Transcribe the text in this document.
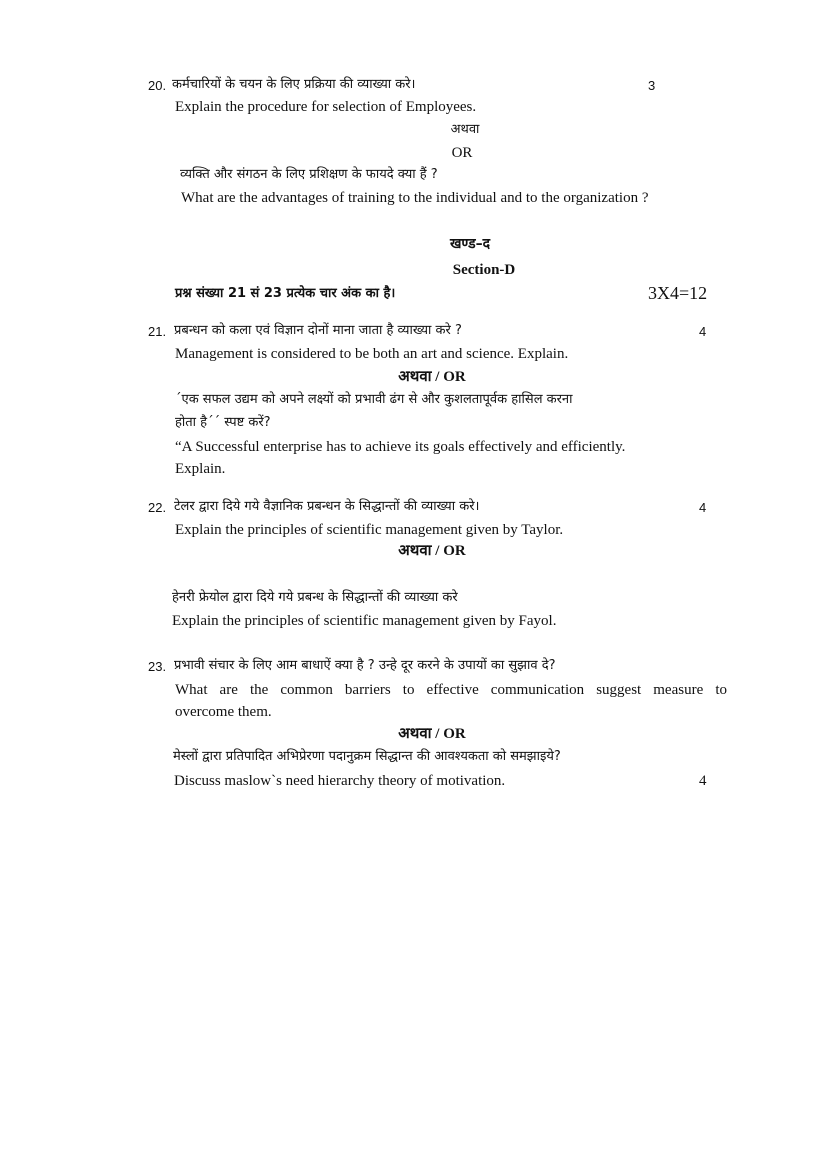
20. कर्मचारियों के चयन के लिए प्रक्रिया की व्याख्या करे।	3
Explain the procedure for selection of Employees.
अथवा
OR
व्यक्ति और संगठन के लिए प्रशिक्षण के फायदे क्या हैं ?
What are the advantages of training to the individual and to the organization ?
खण्ड–द
Section-D
प्रश्न संख्या 21 सं 23 प्रत्येक चार अंक का है।	3X4=12
21. प्रबन्धन को कला एवं विज्ञान दोनों माना जाता है व्याख्या करे ?	4
Management is considered to be both an art and science. Explain.
अथवा / OR
´एक सफल उद्यम को अपने लक्ष्यों को प्रभावी ढंग से और कुशलतापूर्वक हासिल करना
होता है´´ स्पष्ट करें?
“A Successful enterprise has to achieve its goals effectively and efficiently.
Explain.
22. टेलर द्वारा दिये गये वैज्ञानिक प्रबन्धन के सिद्धान्तों की व्याख्या करे।	4
Explain the principles of scientific management given by Taylor.
अथवा / OR
हेनरी फ्रेयोल द्वारा दिये गये प्रबन्ध के सिद्धान्तों की व्याख्या करे
Explain the principles of scientific management given by Fayol.
23. प्रभावी संचार के लिए आम बाधाऐं क्या है ? उन्हे दूर करने के उपायों का सुझाव दे?
What are the common barriers to effective communication suggest measure to
overcome them.
अथवा / OR
मेस्लों द्वारा प्रतिपादित अभिप्रेरणा पदानुक्रम सिद्धान्त की आवश्यकता को समझाइये?
Discuss maslow`s need hierarchy theory of motivation.	4
